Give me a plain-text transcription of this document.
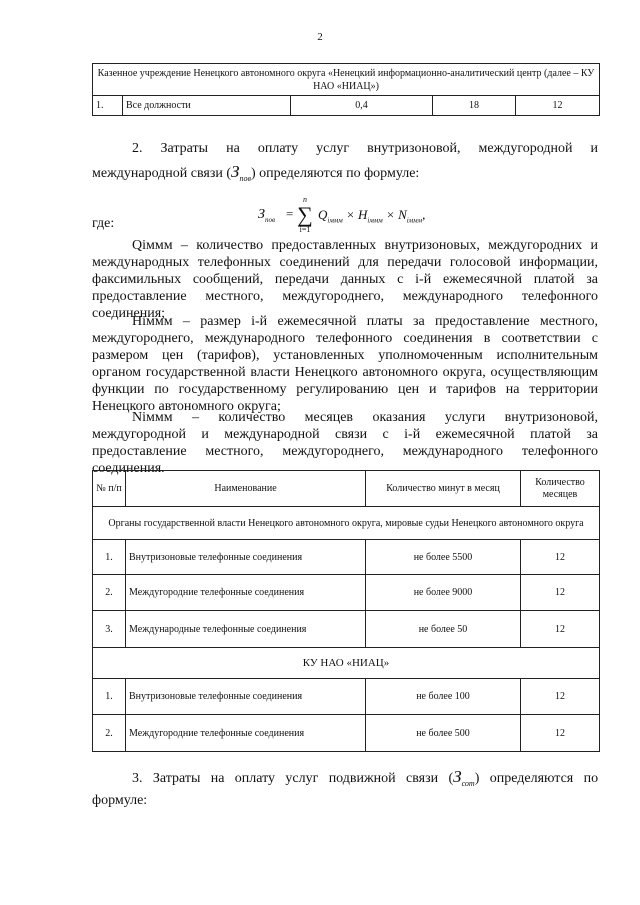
2
Казенное учреждение Ненецкого автономного округа «Ненецкий информационно-аналитический центр (далее – КУ НАО «НИАЦ»)
1.	Все должности	0,4	18	12
2. Затраты на оплату услуг внутризоновой, междугородной и
международной связи $(З_{пов})$ определяются по формуле:
$З_{пов}$ =
n
∑
i=1
$Q_{iммм} \times H_{iммм} \times N_{iммм}$,
где:

Qiммм – количество предоставленных внутризоновых, междугородних и международных телефонных соединений для передачи голосовой информации, факсимильных сообщений, передачи данных с i-й ежемесячной платой за предоставление местного, междугороднего, международного телефонного соединения;

Hiммм – размер i-й ежемесячной платы за предоставление местного, междугороднего, международного телефонного соединения в соответствии с размером цен (тарифов), установленных уполномоченным исполнительным органом государственной власти Ненецкого автономного округа, осуществляющим функции по государственному регулированию цен и тарифов на территории Ненецкого автономного округа;

Niммм – количество месяцев оказания услуги внутризоновой, междугородной и международной связи с i-й ежемесячной платой за предоставление местного, междугороднего, международного телефонного соединения.

№ п/п	Наименование	Количество минут в месяц	Количество месяцев
Органы государственной власти Ненецкого автономного округа, мировые судьи Ненецкого автономного округа			
1.	Внутризоновые телефонные соединения	не более 5500	12
2.	Междугородние телефонные соединения	не более 9000	12
3.	Международные телефонные соединения	не более 50	12
КУ НАО «НИАЦ»			
1.	Внутризоновые телефонные соединения	не более 100	12
2.	Междугородние телефонные соединения	не более 500	12
3. Затраты на оплату услуг подвижной связи $(З_{сот})$ определяются по
формуле:
